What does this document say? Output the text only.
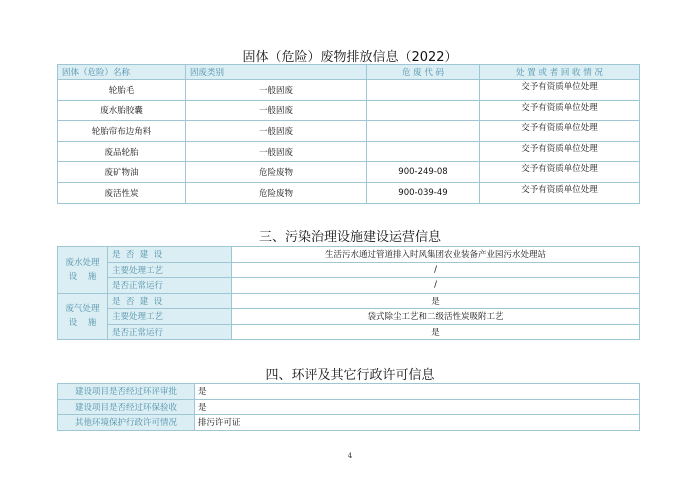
固体（危险）废物排放信息（2022）
固体（危险）名称	固废类别	危 废 代 码	处 置 或 者 回 收 情 况
轮胎毛	一般固废		交予有资质单位处理
废水胎胶囊	一般固废		交予有资质单位处理
轮胎帘布边角料	一般固废		交予有资质单位处理
废品轮胎	一般固废		交予有资质单位处理
废矿物油	危险废物	900-249-08	交予有资质单位处理
废活性炭	危险废物	900-039-49	交予有资质单位处理
三、污染治理设施建设运营信息
废水处理
设    施	是  否  建  设	生活污水通过管道排入时风集团农业装备产业园污水处理站
	主要处理工艺	/
	是否正常运行	/

废气处理
设    施	是  否  建  设	是
	主要处理工艺	袋式除尘工艺和二级活性炭吸附工艺
	是否正常运行	是
四、环评及其它行政许可信息
建设项目是否经过环评审批	是
建设项目是否经过环保验收	是
其他环境保护行政许可情况	排污许可证
4
